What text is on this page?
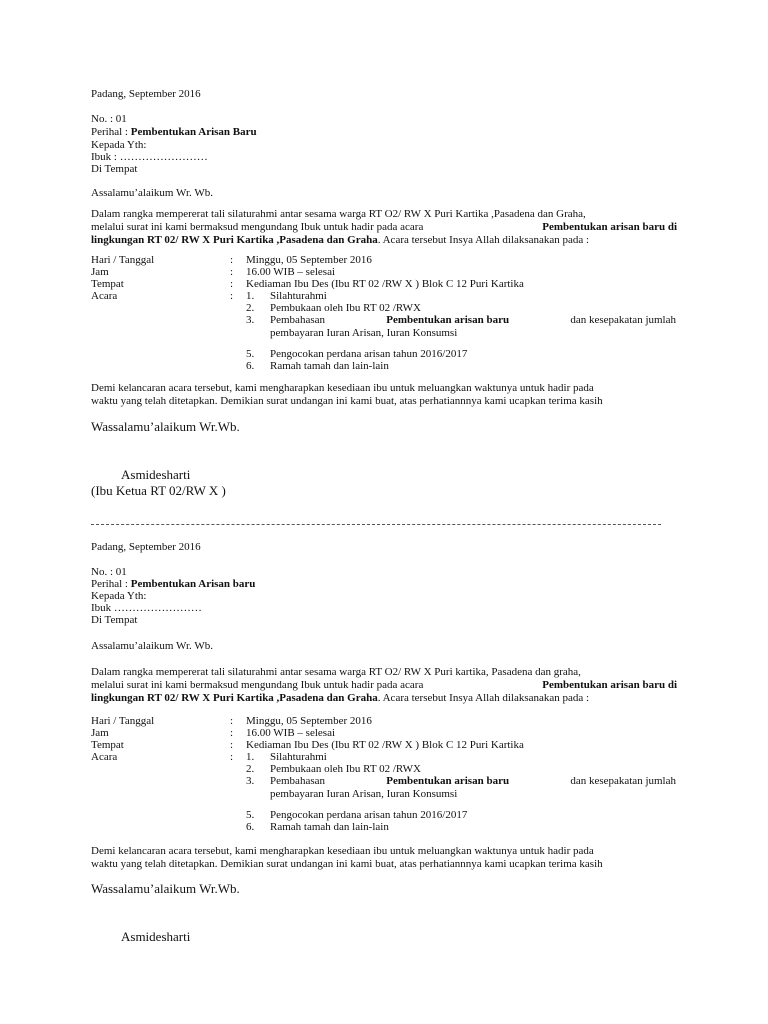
Padang, September 2016
No. : 01
Perihal : Pembentukan Arisan Baru
Kepada Yth:
Ibuk : ……………………
Di Tempat
Assalamu’alaikum Wr. Wb.
Dalam rangka mempererat tali silaturahmi antar sesama warga RT O2/ RW X Puri Kartika ,Pasadena dan Graha,
melalui surat ini kami bermaksud mengundang Ibuk untuk hadir pada acara	Pembentukan arisan baru di
lingkungan RT 02/ RW X Puri Kartika ,Pasadena dan Graha. Acara tersebut Insya Allah dilaksanakan pada :
Hari / Tanggal	: Minggu, 05 September 2016
Jam	: 16.00 WIB – selesai
Tempat	: Kediaman Ibu Des (Ibu RT 02 /RW X ) Blok C 12 Puri Kartika
Acara	: 1. Silahturahmi
2. Pembukaan oleh Ibu RT 02 /RWX
3. Pembahasan	Pembentukan arisan baru	dan kesepakatan jumlah
pembayaran Iuran Arisan, Iuran Konsumsi
5. Pengocokan perdana arisan tahun 2016/2017
6. Ramah tamah dan lain-lain
Demi kelancaran acara tersebut, kami mengharapkan kesediaan ibu untuk meluangkan waktunya untuk hadir pada
waktu yang telah ditetapkan. Demikian surat undangan ini kami buat, atas perhatiannnya kami ucapkan terima kasih
Wassalamu’alaikum Wr.Wb.
Asmidesharti
(Ibu Ketua RT 02/RW X )
Padang, September 2016
No. : 01
Perihal : Pembentukan Arisan baru
Kepada Yth:
Ibuk ……………………
Di Tempat
Assalamu’alaikum Wr. Wb.
Dalam rangka mempererat tali silaturahmi antar sesama warga RT O2/ RW X Puri kartika, Pasadena dan graha,
melalui surat ini kami bermaksud mengundang Ibuk untuk hadir pada acara	Pembentukan arisan baru di
lingkungan RT 02/ RW X Puri Kartika ,Pasadena dan Graha. Acara tersebut Insya Allah dilaksanakan pada :
Hari / Tanggal	: Minggu, 05 September 2016
Jam	: 16.00 WIB – selesai
Tempat	: Kediaman Ibu Des (Ibu RT 02 /RW X ) Blok C 12 Puri Kartika
Acara	: 1. Silahturahmi
2. Pembukaan oleh Ibu RT 02 /RWX
3. Pembahasan	Pembentukan arisan baru	dan kesepakatan jumlah
pembayaran Iuran Arisan, Iuran Konsumsi
5. Pengocokan perdana arisan tahun 2016/2017
6. Ramah tamah dan lain-lain
Demi kelancaran acara tersebut, kami mengharapkan kesediaan ibu untuk meluangkan waktunya untuk hadir pada
waktu yang telah ditetapkan. Demikian surat undangan ini kami buat, atas perhatiannnya kami ucapkan terima kasih
Wassalamu’alaikum Wr.Wb.
Asmidesharti
